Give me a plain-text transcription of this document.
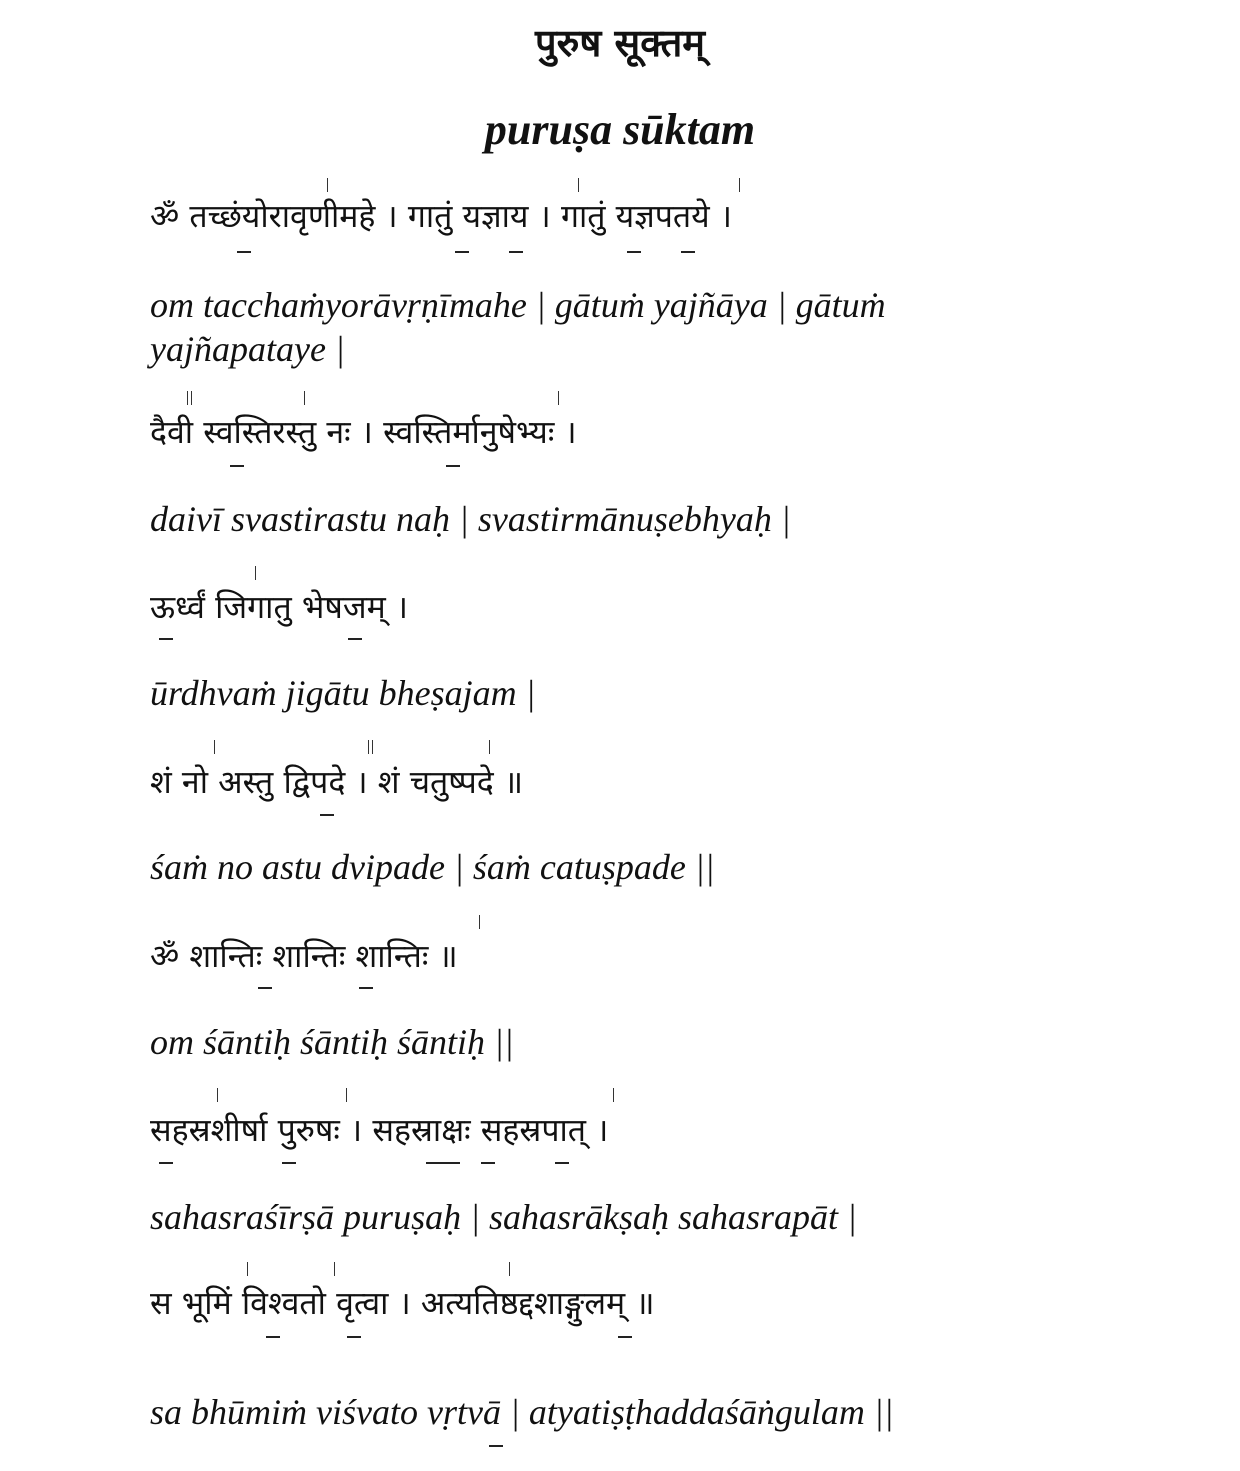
पुरुष सूक्तम्
puruṣa sūktam
ॐ तच्छंयोरावृणीमहे । गातुं यज्ञाय । गातुं यज्ञपतये ।
om tacchaṁyorāvṛṇīmahe | gātuṁ yajñāya | gātuṁ yajñapataye |
दैवी स्वस्तिरस्तु नः । स्वस्तिर्मानुषेभ्यः ।
daivī svastirastu naḥ | svastirmānuṣebhyaḥ |
ऊर्ध्वं जिगातु भेषजम् ।
ūrdhvaṁ jigātu bheṣajam |
शं नो अस्तु द्विपदे । शं चतुष्पदे ॥
śaṁ no astu dvipade | śaṁ catuṣpade ||
ॐ शान्तिः शान्तिः शान्तिः ॥
om śāntiḥ śāntiḥ śāntiḥ ||
सहस्रशीर्षा पुरुषः । सहस्राक्षः सहस्रपात् ।
sahasraśīrṣā puruṣaḥ | sahasrākṣaḥ sahasrapāt |
स भूमिं विश्वतो वृत्वा । अत्यतिष्ठद्दशाङ्गुलम् ॥
sa bhūmiṁ viśvato vṛtvā | atyatiṣṭhaddaśāṅgulam ||
